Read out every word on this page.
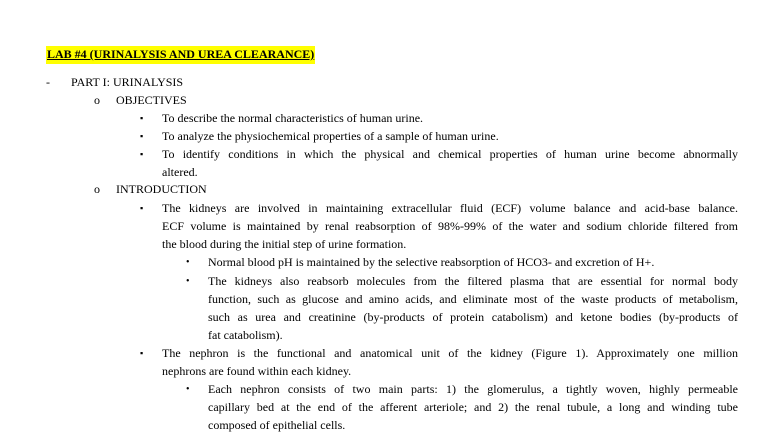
LAB #4 (URINALYSIS AND UREA CLEARANCE)
- PART I: URINALYSIS
o OBJECTIVES
▪ To describe the normal characteristics of human urine.
▪ To analyze the physiochemical properties of a sample of human urine.
▪ To identify conditions in which the physical and chemical properties of human urine become abnormally
altered.
o INTRODUCTION
▪ The kidneys are involved in maintaining extracellular fluid (ECF) volume balance and acid-base balance.
ECF volume is maintained by renal reabsorption of 98%-99% of the water and sodium chloride filtered from
the blood during the initial step of urine formation.
• Normal blood pH is maintained by the selective reabsorption of HCO3- and excretion of H+.
• The kidneys also reabsorb molecules from the filtered plasma that are essential for normal body
function, such as glucose and amino acids, and eliminate most of the waste products of metabolism,
such as urea and creatinine (by-products of protein catabolism) and ketone bodies (by-products of
fat catabolism).
▪ The nephron is the functional and anatomical unit of the kidney (Figure 1). Approximately one million
nephrons are found within each kidney.
• Each nephron consists of two main parts: 1) the glomerulus, a tightly woven, highly permeable
capillary bed at the end of the afferent arteriole; and 2) the renal tubule, a long and winding tube
composed of epithelial cells.
